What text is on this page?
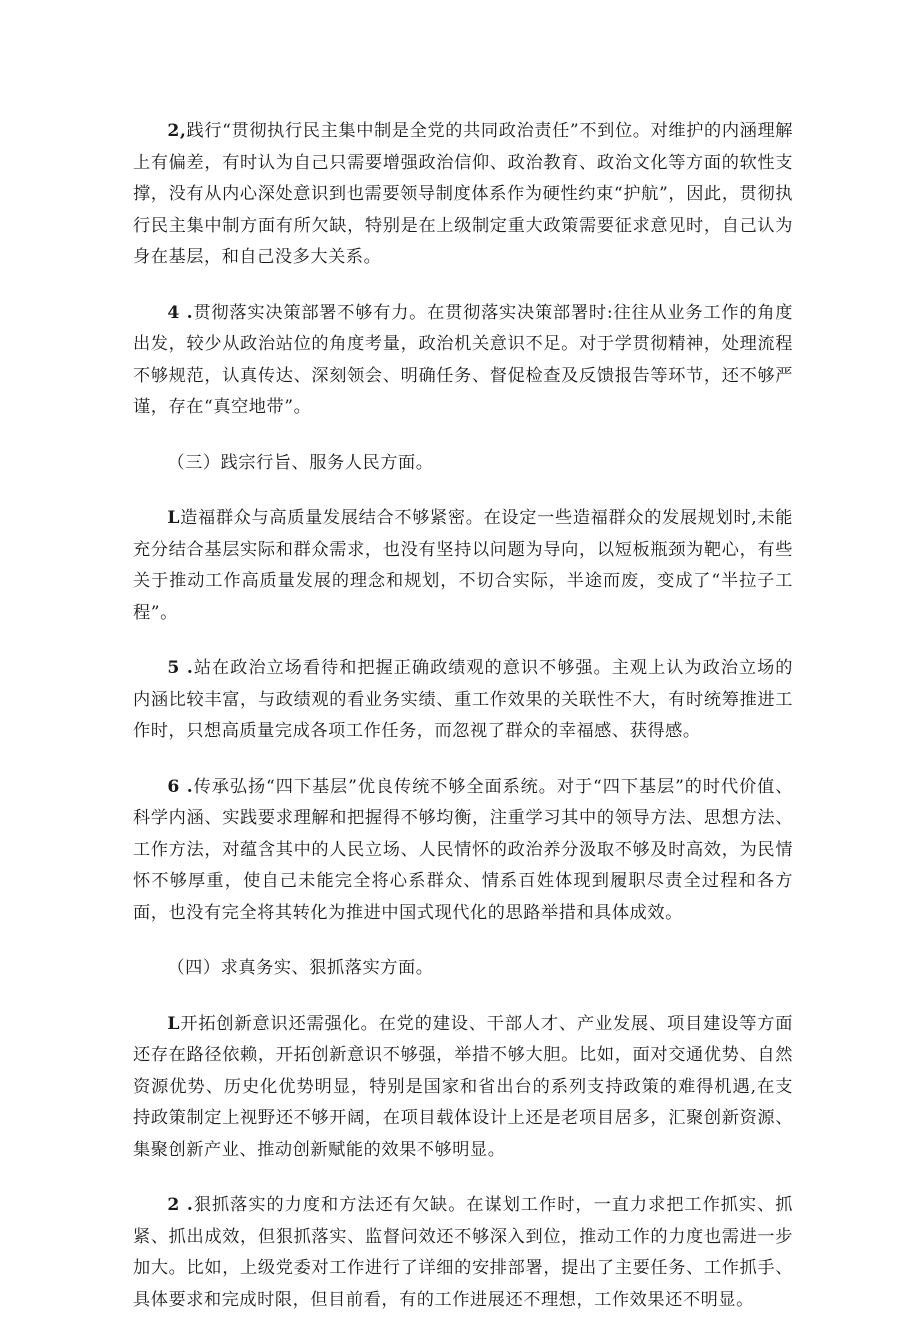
2,践行“贯彻执行民主集中制是全党的共同政治责任”不到位。对维护的内涵理解上有偏差，有时认为自己只需要增强政治信仰、政治教育、政治文化等方面的软性支撑，没有从内心深处意识到也需要领导制度体系作为硬性约束“护航”，因此，贯彻执行民主集中制方面有所欠缺，特别是在上级制定重大政策需要征求意见时，自己认为身在基层，和自己没多大关系。

4 .贯彻落实决策部署不够有力。在贯彻落实决策部署时:往往从业务工作的角度出发，较少从政治站位的角度考量，政治机关意识不足。对于学贯彻精神，处理流程不够规范，认真传达、深刻领会、明确任务、督促检查及反馈报告等环节，还不够严谨，存在“真空地带”。

（三）践宗行旨、服务人民方面。

L造福群众与高质量发展结合不够紧密。在设定一些造福群众的发展规划时,未能充分结合基层实际和群众需求，也没有坚持以问题为导向，以短板瓶颈为靶心，有些关于推动工作高质量发展的理念和规划，不切合实际，半途而废，变成了“半拉子工程”。

5 .站在政治立场看待和把握正确政绩观的意识不够强。主观上认为政治立场的内涵比较丰富，与政绩观的看业务实绩、重工作效果的关联性不大，有时统筹推进工作时，只想高质量完成各项工作任务，而忽视了群众的幸福感、获得感。

6 .传承弘扬“四下基层”优良传统不够全面系统。对于“四下基层”的时代价值、科学内涵、实践要求理解和把握得不够均衡，注重学习其中的领导方法、思想方法、工作方法，对蕴含其中的人民立场、人民情怀的政治养分汲取不够及时高效，为民情怀不够厚重，使自己未能完全将心系群众、情系百姓体现到履职尽责全过程和各方面，也没有完全将其转化为推进中国式现代化的思路举措和具体成效。

（四）求真务实、狠抓落实方面。

L开拓创新意识还需强化。在党的建设、干部人才、产业发展、项目建设等方面还存在路径依赖，开拓创新意识不够强，举措不够大胆。比如，面对交通优势、自然资源优势、历史化优势明显，特别是国家和省出台的系列支持政策的难得机遇,在支持政策制定上视野还不够开阔，在项目载体设计上还是老项目居多，汇聚创新资源、集聚创新产业、推动创新赋能的效果不够明显。

2 .狠抓落实的力度和方法还有欠缺。在谋划工作时，一直力求把工作抓实、抓紧、抓出成效，但狠抓落实、监督问效还不够深入到位，推动工作的力度也需进一步加大。比如，上级党委对工作进行了详细的安排部署，提出了主要任务、工作抓手、具体要求和完成时限，但目前看，有的工作进展还不理想，工作效果还不明显。
